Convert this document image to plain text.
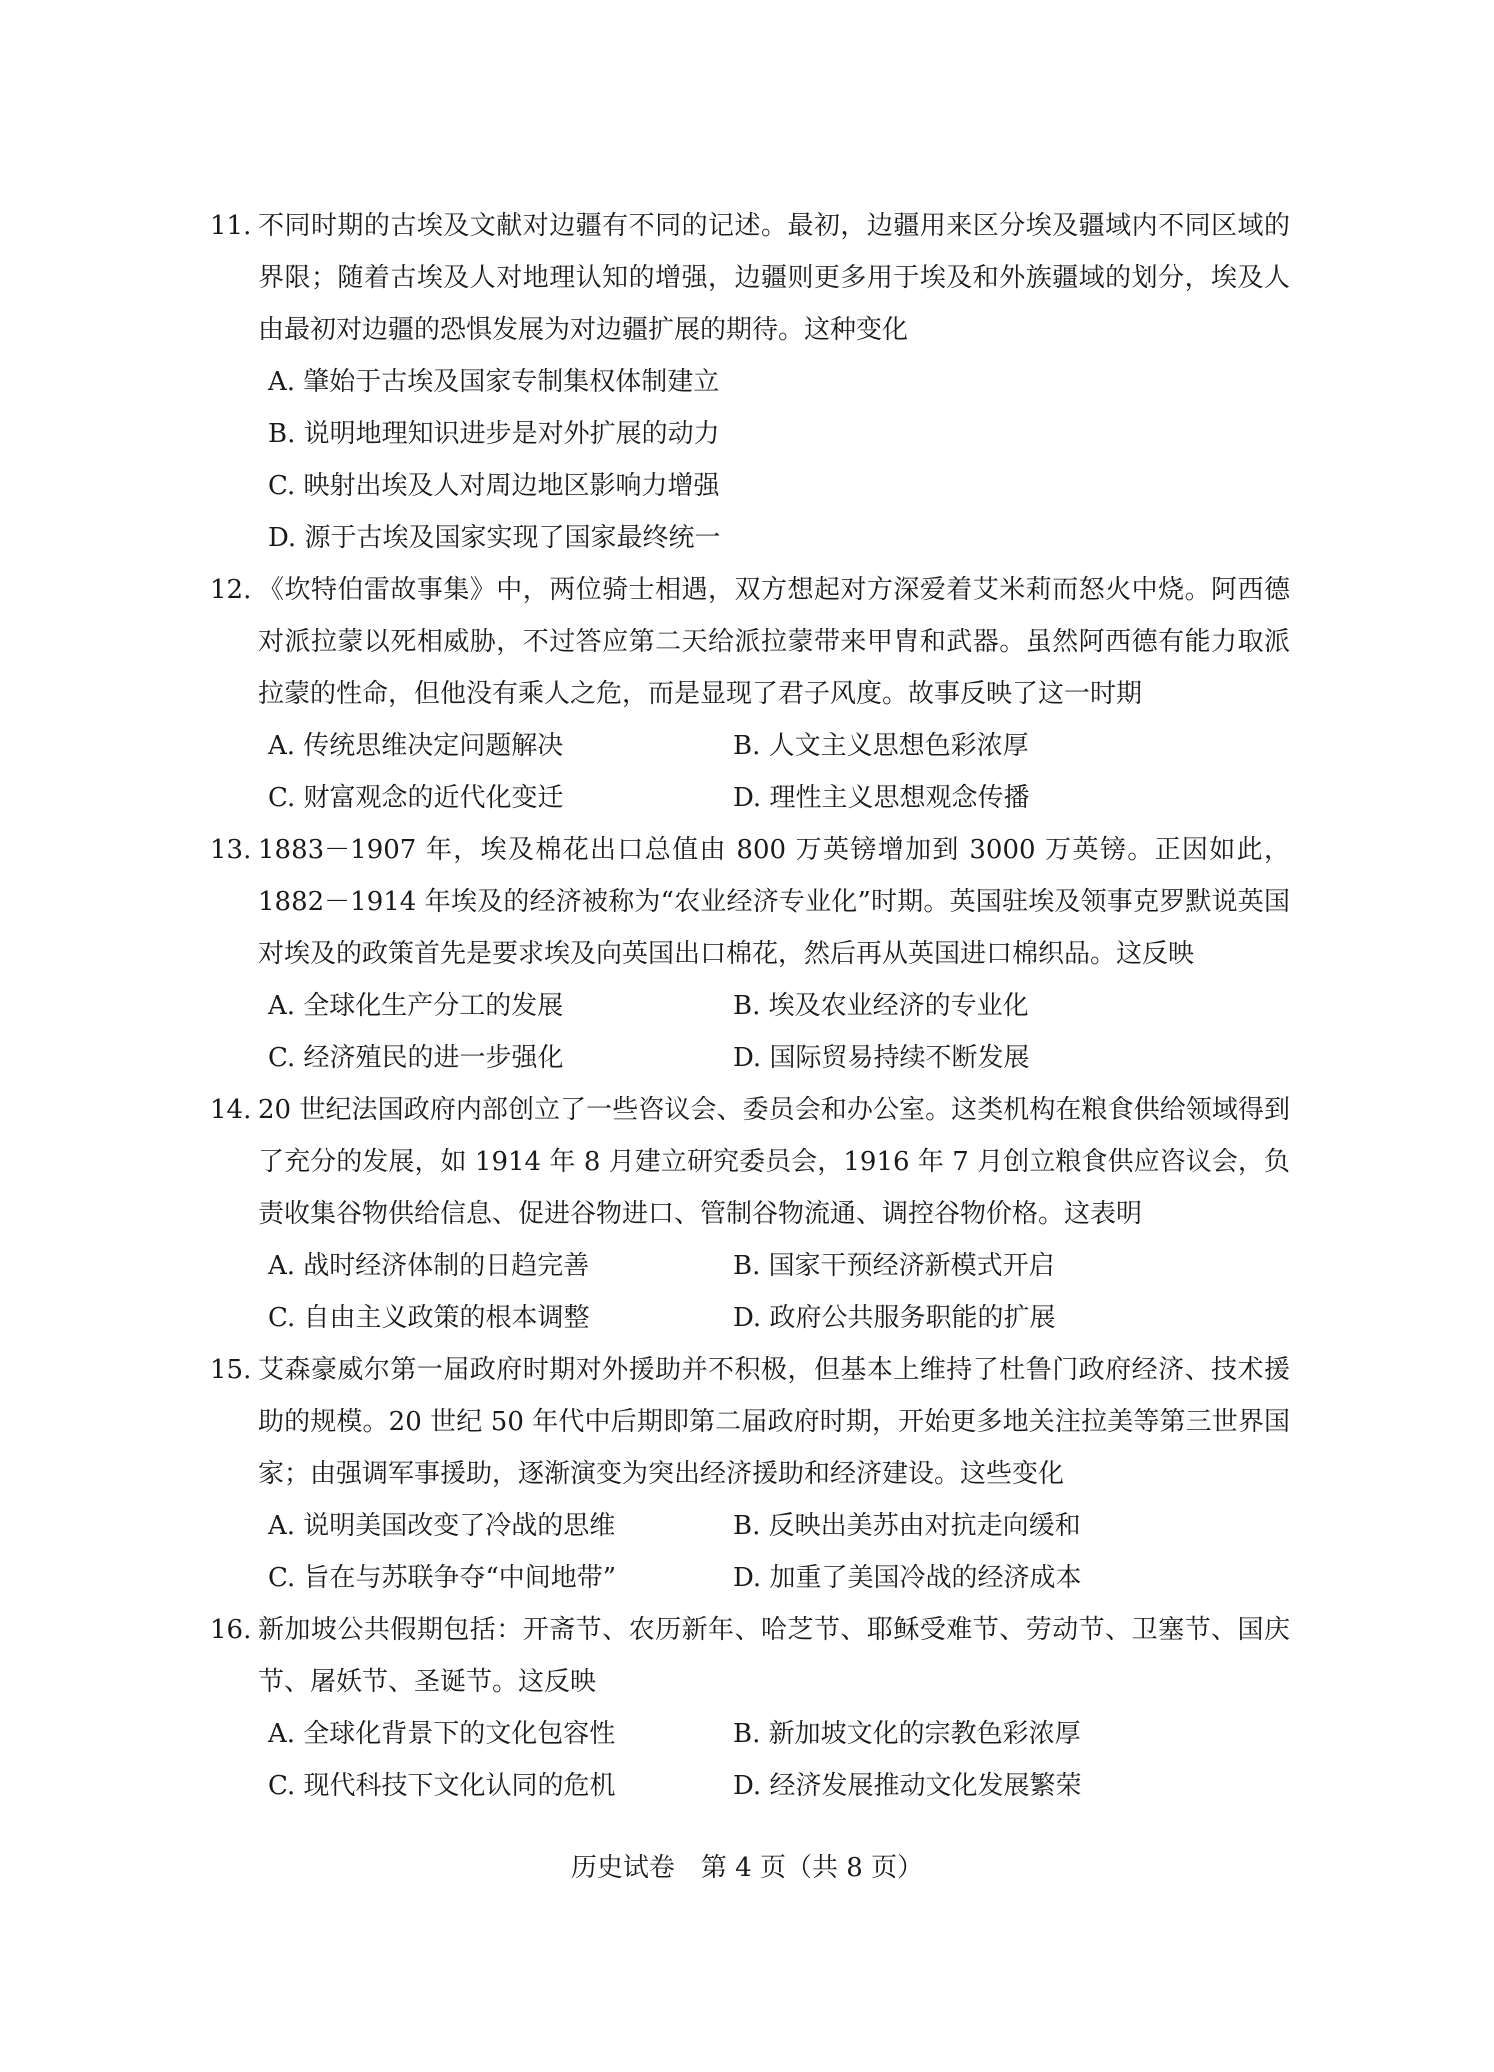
11. 不同时期的古埃及文献对边疆有不同的记述。最初，边疆用来区分埃及疆域内不同区域的界限；随着古埃及人对地理认知的增强，边疆则更多用于埃及和外族疆域的划分，埃及人由最初对边疆的恐惧发展为对边疆扩展的期待。这种变化
A. 肇始于古埃及国家专制集权体制建立
B. 说明地理知识进步是对外扩展的动力
C. 映射出埃及人对周边地区影响力增强
D. 源于古埃及国家实现了国家最终统一
12. 《坎特伯雷故事集》中，两位骑士相遇，双方想起对方深爱着艾米莉而怒火中烧。阿西德对派拉蒙以死相威胁，不过答应第二天给派拉蒙带来甲胄和武器。虽然阿西德有能力取派拉蒙的性命，但他没有乘人之危，而是显现了君子风度。故事反映了这一时期
A. 传统思维决定问题解决	B. 人文主义思想色彩浓厚
C. 财富观念的近代化变迁	D. 理性主义思想观念传播
13. 1883－1907 年，埃及棉花出口总值由 800 万英镑增加到 3000 万英镑。正因如此，1882－1914 年埃及的经济被称为“农业经济专业化”时期。英国驻埃及领事克罗默说英国对埃及的政策首先是要求埃及向英国出口棉花，然后再从英国进口棉织品。这反映
A. 全球化生产分工的发展	B. 埃及农业经济的专业化
C. 经济殖民的进一步强化	D. 国际贸易持续不断发展
14. 20 世纪法国政府内部创立了一些咨议会、委员会和办公室。这类机构在粮食供给领域得到了充分的发展，如 1914 年 8 月建立研究委员会，1916 年 7 月创立粮食供应咨议会，负责收集谷物供给信息、促进谷物进口、管制谷物流通、调控谷物价格。这表明
A. 战时经济体制的日趋完善	B. 国家干预经济新模式开启
C. 自由主义政策的根本调整	D. 政府公共服务职能的扩展
15. 艾森豪威尔第一届政府时期对外援助并不积极，但基本上维持了杜鲁门政府经济、技术援助的规模。20 世纪 50 年代中后期即第二届政府时期，开始更多地关注拉美等第三世界国家；由强调军事援助，逐渐演变为突出经济援助和经济建设。这些变化
A. 说明美国改变了冷战的思维	B. 反映出美苏由对抗走向缓和
C. 旨在与苏联争夺“中间地带”	D. 加重了美国冷战的经济成本
16. 新加坡公共假期包括：开斋节、农历新年、哈芝节、耶稣受难节、劳动节、卫塞节、国庆节、屠妖节、圣诞节。这反映
A. 全球化背景下的文化包容性	B. 新加坡文化的宗教色彩浓厚
C. 现代科技下文化认同的危机	D. 经济发展推动文化发展繁荣
历史试卷　第 4 页（共 8 页）
